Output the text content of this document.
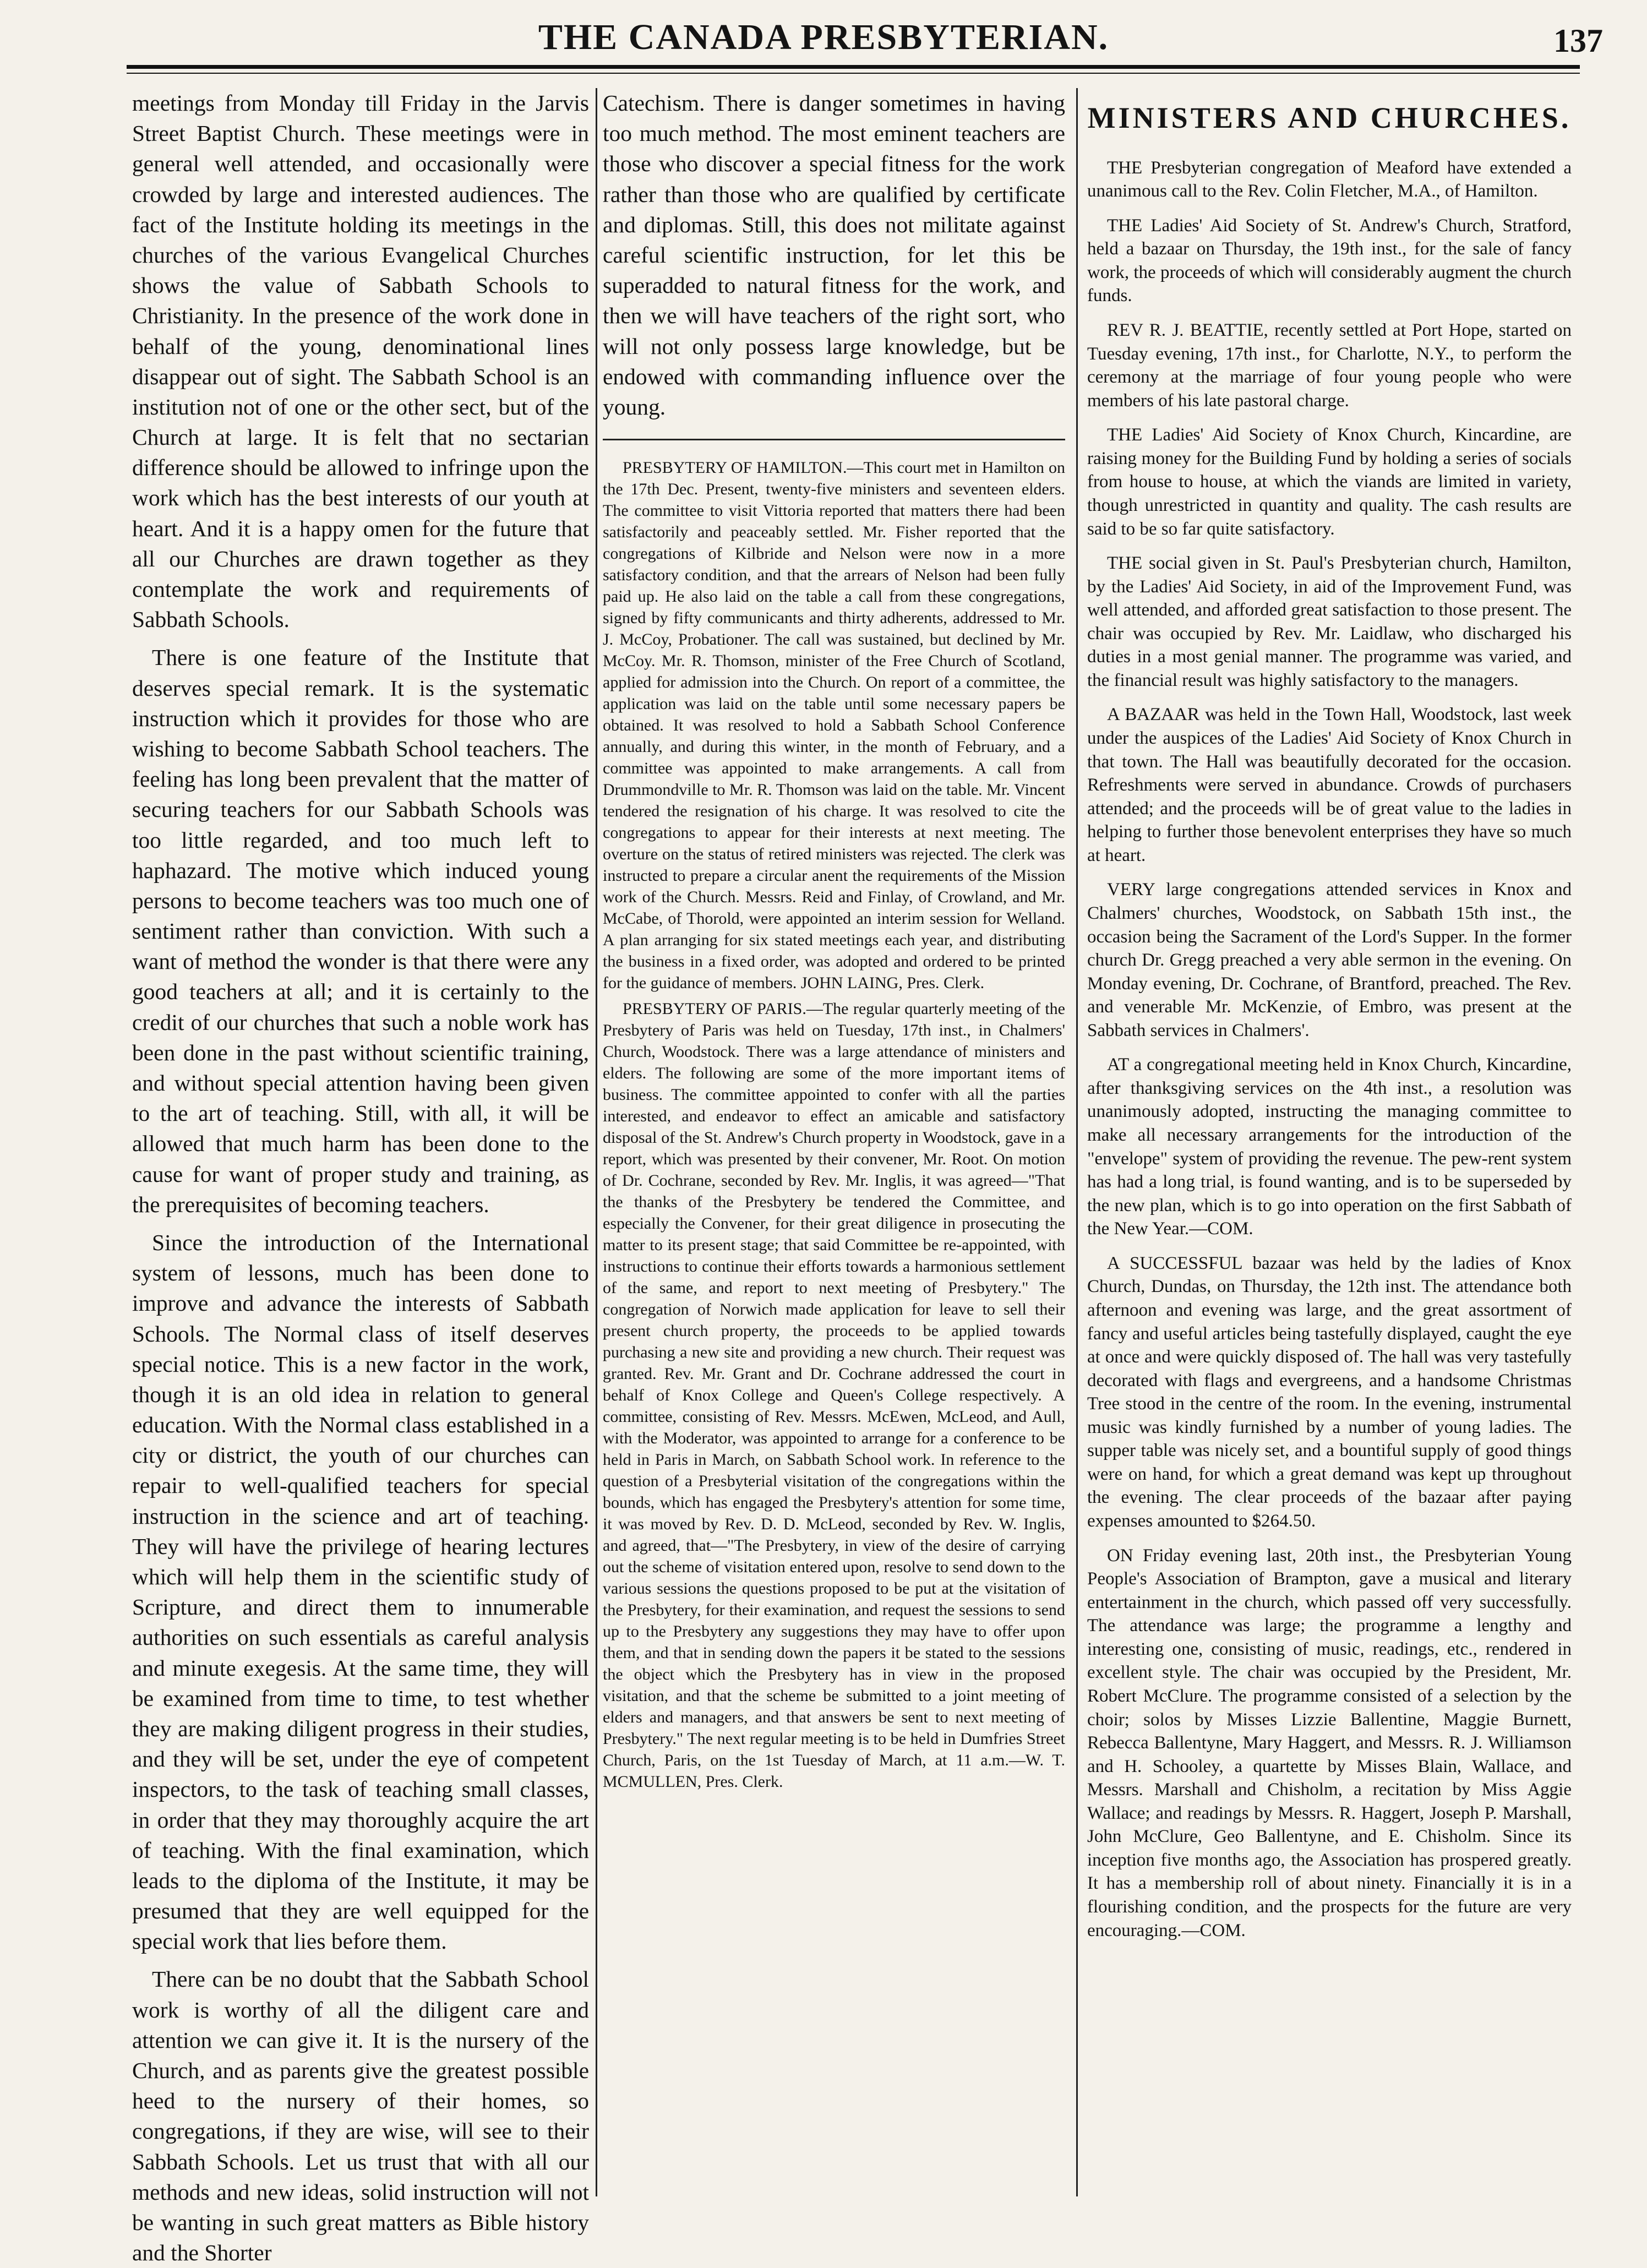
THE CANADA PRESBYTERIAN.	137

meetings from Monday till Friday in the Jarvis Street Baptist Church. These meetings were in general well attended, and occasionally were crowded by large and interested audiences. The fact of the Institute holding its meetings in the churches of the various Evangelical Churches shows the value of Sabbath Schools to Christianity. In the presence of the work done in behalf of the young, denominational lines disappear out of sight. The Sabbath School is an institution not of one or the other sect, but of the Church at large. It is felt that no sectarian difference should be allowed to infringe upon the work which has the best interests of our youth at heart. And it is a happy omen for the future that all our Churches are drawn together as they contemplate the work and requirements of Sabbath Schools.

There is one feature of the Institute that deserves special remark. It is the systematic instruction which it provides for those who are wishing to become Sabbath School teachers. The feeling has long been prevalent that the matter of securing teachers for our Sabbath Schools was too little regarded, and too much left to haphazard. The motive which induced young persons to become teachers was too much one of sentiment rather than conviction. With such a want of method the wonder is that there were any good teachers at all; and it is certainly to the credit of our churches that such a noble work has been done in the past without scientific training, and without special attention having been given to the art of teaching. Still, with all, it will be allowed that much harm has been done to the cause for want of proper study and training, as the prerequisites of becoming teachers.

Since the introduction of the International system of lessons, much has been done to improve and advance the interests of Sabbath Schools. The Normal class of itself deserves special notice. This is a new factor in the work, though it is an old idea in relation to general education. With the Normal class established in a city or district, the youth of our churches can repair to well-qualified teachers for special instruction in the science and art of teaching. They will have the privilege of hearing lectures which will help them in the scientific study of Scripture, and direct them to innumerable authorities on such essentials as careful analysis and minute exegesis. At the same time, they will be examined from time to time, to test whether they are making diligent progress in their studies, and they will be set, under the eye of competent inspectors, to the task of teaching small classes, in order that they may thoroughly acquire the art of teaching. With the final examination, which leads to the diploma of the Institute, it may be presumed that they are well equipped for the special work that lies before them.

There can be no doubt that the Sabbath School work is worthy of all the diligent care and attention we can give it. It is the nursery of the Church, and as parents give the greatest possible heed to the nursery of their homes, so congregations, if they are wise, will see to their Sabbath Schools. Let us trust that with all our methods and new ideas, solid instruction will not be wanting in such great matters as Bible history and the Shorter

Catechism. There is danger sometimes in having too much method. The most eminent teachers are those who discover a special fitness for the work rather than those who are qualified by certificate and diplomas. Still, this does not militate against careful scientific instruction, for let this be superadded to natural fitness for the work, and then we will have teachers of the right sort, who will not only possess large knowledge, but be endowed with commanding influence over the young.

PRESBYTERY OF HAMILTON.—This court met in Hamilton on the 17th Dec. Present, twenty-five ministers and seventeen elders. The committee to visit Vittoria reported that matters there had been satisfactorily and peaceably settled. Mr. Fisher reported that the congregations of Kilbride and Nelson were now in a more satisfactory condition, and that the arrears of Nelson had been fully paid up. He also laid on the table a call from these congregations, signed by fifty communicants and thirty adherents, addressed to Mr. J. McCoy, Probationer. The call was sustained, but declined by Mr. McCoy. Mr. R. Thomson, minister of the Free Church of Scotland, applied for admission into the Church. On report of a committee, the application was laid on the table until some necessary papers be obtained. It was resolved to hold a Sabbath School Conference annually, and during this winter, in the month of February, and a committee was appointed to make arrangements. A call from Drummondville to Mr. R. Thomson was laid on the table. Mr. Vincent tendered the resignation of his charge. It was resolved to cite the congregations to appear for their interests at next meeting. The overture on the status of retired ministers was rejected. The clerk was instructed to prepare a circular anent the requirements of the Mission work of the Church. Messrs. Reid and Finlay, of Crowland, and Mr. McCabe, of Thorold, were appointed an interim session for Welland. A plan arranging for six stated meetings each year, and distributing the business in a fixed order, was adopted and ordered to be printed for the guidance of members. JOHN LAING, Pres. Clerk.

PRESBYTERY OF PARIS.—The regular quarterly meeting of the Presbytery of Paris was held on Tuesday, 17th inst., in Chalmers' Church, Woodstock. There was a large attendance of ministers and elders. The following are some of the more important items of business. The committee appointed to confer with all the parties interested, and endeavor to effect an amicable and satisfactory disposal of the St. Andrew's Church property in Woodstock, gave in a report, which was presented by their convener, Mr. Root. On motion of Dr. Cochrane, seconded by Rev. Mr. Inglis, it was agreed—"That the thanks of the Presbytery be tendered the Committee, and especially the Convener, for their great diligence in prosecuting the matter to its present stage; that said Committee be re-appointed, with instructions to continue their efforts towards a harmonious settlement of the same, and report to next meeting of Presbytery." The congregation of Norwich made application for leave to sell their present church property, the proceeds to be applied towards purchasing a new site and providing a new church. Their request was granted. Rev. Mr. Grant and Dr. Cochrane addressed the court in behalf of Knox College and Queen's College respectively. A committee, consisting of Rev. Messrs. McEwen, McLeod, and Aull, with the Moderator, was appointed to arrange for a conference to be held in Paris in March, on Sabbath School work. In reference to the question of a Presbyterial visitation of the congregations within the bounds, which has engaged the Presbytery's attention for some time, it was moved by Rev. D. D. McLeod, seconded by Rev. W. Inglis, and agreed, that—"The Presbytery, in view of the desire of carrying out the scheme of visitation entered upon, resolve to send down to the various sessions the questions proposed to be put at the visitation of the Presbytery, for their examination, and request the sessions to send up to the Presbytery any suggestions they may have to offer upon them, and that in sending down the papers it be stated to the sessions the object which the Presbytery has in view in the proposed visitation, and that the scheme be submitted to a joint meeting of elders and managers, and that answers be sent to next meeting of Presbytery." The next regular meeting is to be held in Dumfries Street Church, Paris, on the 1st Tuesday of March, at 11 a.m.—W. T. MCMULLEN, Pres. Clerk.

MINISTERS AND CHURCHES.

THE Presbyterian congregation of Meaford have extended a unanimous call to the Rev. Colin Fletcher, M.A., of Hamilton.

THE Ladies' Aid Society of St. Andrew's Church, Stratford, held a bazaar on Thursday, the 19th inst., for the sale of fancy work, the proceeds of which will considerably augment the church funds.

REV R. J. BEATTIE, recently settled at Port Hope, started on Tuesday evening, 17th inst., for Charlotte, N.Y., to perform the ceremony at the marriage of four young people who were members of his late pastoral charge.

THE Ladies' Aid Society of Knox Church, Kincardine, are raising money for the Building Fund by holding a series of socials from house to house, at which the viands are limited in variety, though unrestricted in quantity and quality. The cash results are said to be so far quite satisfactory.

THE social given in St. Paul's Presbyterian church, Hamilton, by the Ladies' Aid Society, in aid of the Improvement Fund, was well attended, and afforded great satisfaction to those present. The chair was occupied by Rev. Mr. Laidlaw, who discharged his duties in a most genial manner. The programme was varied, and the financial result was highly satisfactory to the managers.

A BAZAAR was held in the Town Hall, Woodstock, last week under the auspices of the Ladies' Aid Society of Knox Church in that town. The Hall was beautifully decorated for the occasion. Refreshments were served in abundance. Crowds of purchasers attended; and the proceeds will be of great value to the ladies in helping to further those benevolent enterprises they have so much at heart.

VERY large congregations attended services in Knox and Chalmers' churches, Woodstock, on Sabbath 15th inst., the occasion being the Sacrament of the Lord's Supper. In the former church Dr. Gregg preached a very able sermon in the evening. On Monday evening, Dr. Cochrane, of Brantford, preached. The Rev. and venerable Mr. McKenzie, of Embro, was present at the Sabbath services in Chalmers'.

AT a congregational meeting held in Knox Church, Kincardine, after thanksgiving services on the 4th inst., a resolution was unanimously adopted, instructing the managing committee to make all necessary arrangements for the introduction of the "envelope" system of providing the revenue. The pew-rent system has had a long trial, is found wanting, and is to be superseded by the new plan, which is to go into operation on the first Sabbath of the New Year.—COM.

A SUCCESSFUL bazaar was held by the ladies of Knox Church, Dundas, on Thursday, the 12th inst. The attendance both afternoon and evening was large, and the great assortment of fancy and useful articles being tastefully displayed, caught the eye at once and were quickly disposed of. The hall was very tastefully decorated with flags and evergreens, and a handsome Christmas Tree stood in the centre of the room. In the evening, instrumental music was kindly furnished by a number of young ladies. The supper table was nicely set, and a bountiful supply of good things were on hand, for which a great demand was kept up throughout the evening. The clear proceeds of the bazaar after paying expenses amounted to $264.50.

ON Friday evening last, 20th inst., the Presbyterian Young People's Association of Brampton, gave a musical and literary entertainment in the church, which passed off very successfully. The attendance was large; the programme a lengthy and interesting one, consisting of music, readings, etc., rendered in excellent style. The chair was occupied by the President, Mr. Robert McClure. The programme consisted of a selection by the choir; solos by Misses Lizzie Ballentine, Maggie Burnett, Rebecca Ballentyne, Mary Haggert, and Messrs. R. J. Williamson and H. Schooley, a quartette by Misses Blain, Wallace, and Messrs. Marshall and Chisholm, a recitation by Miss Aggie Wallace; and readings by Messrs. R. Haggert, Joseph P. Marshall, John McClure, Geo Ballentyne, and E. Chisholm. Since its inception five months ago, the Association has prospered greatly. It has a membership roll of about ninety. Financially it is in a flourishing condition, and the prospects for the future are very encouraging.—COM.
